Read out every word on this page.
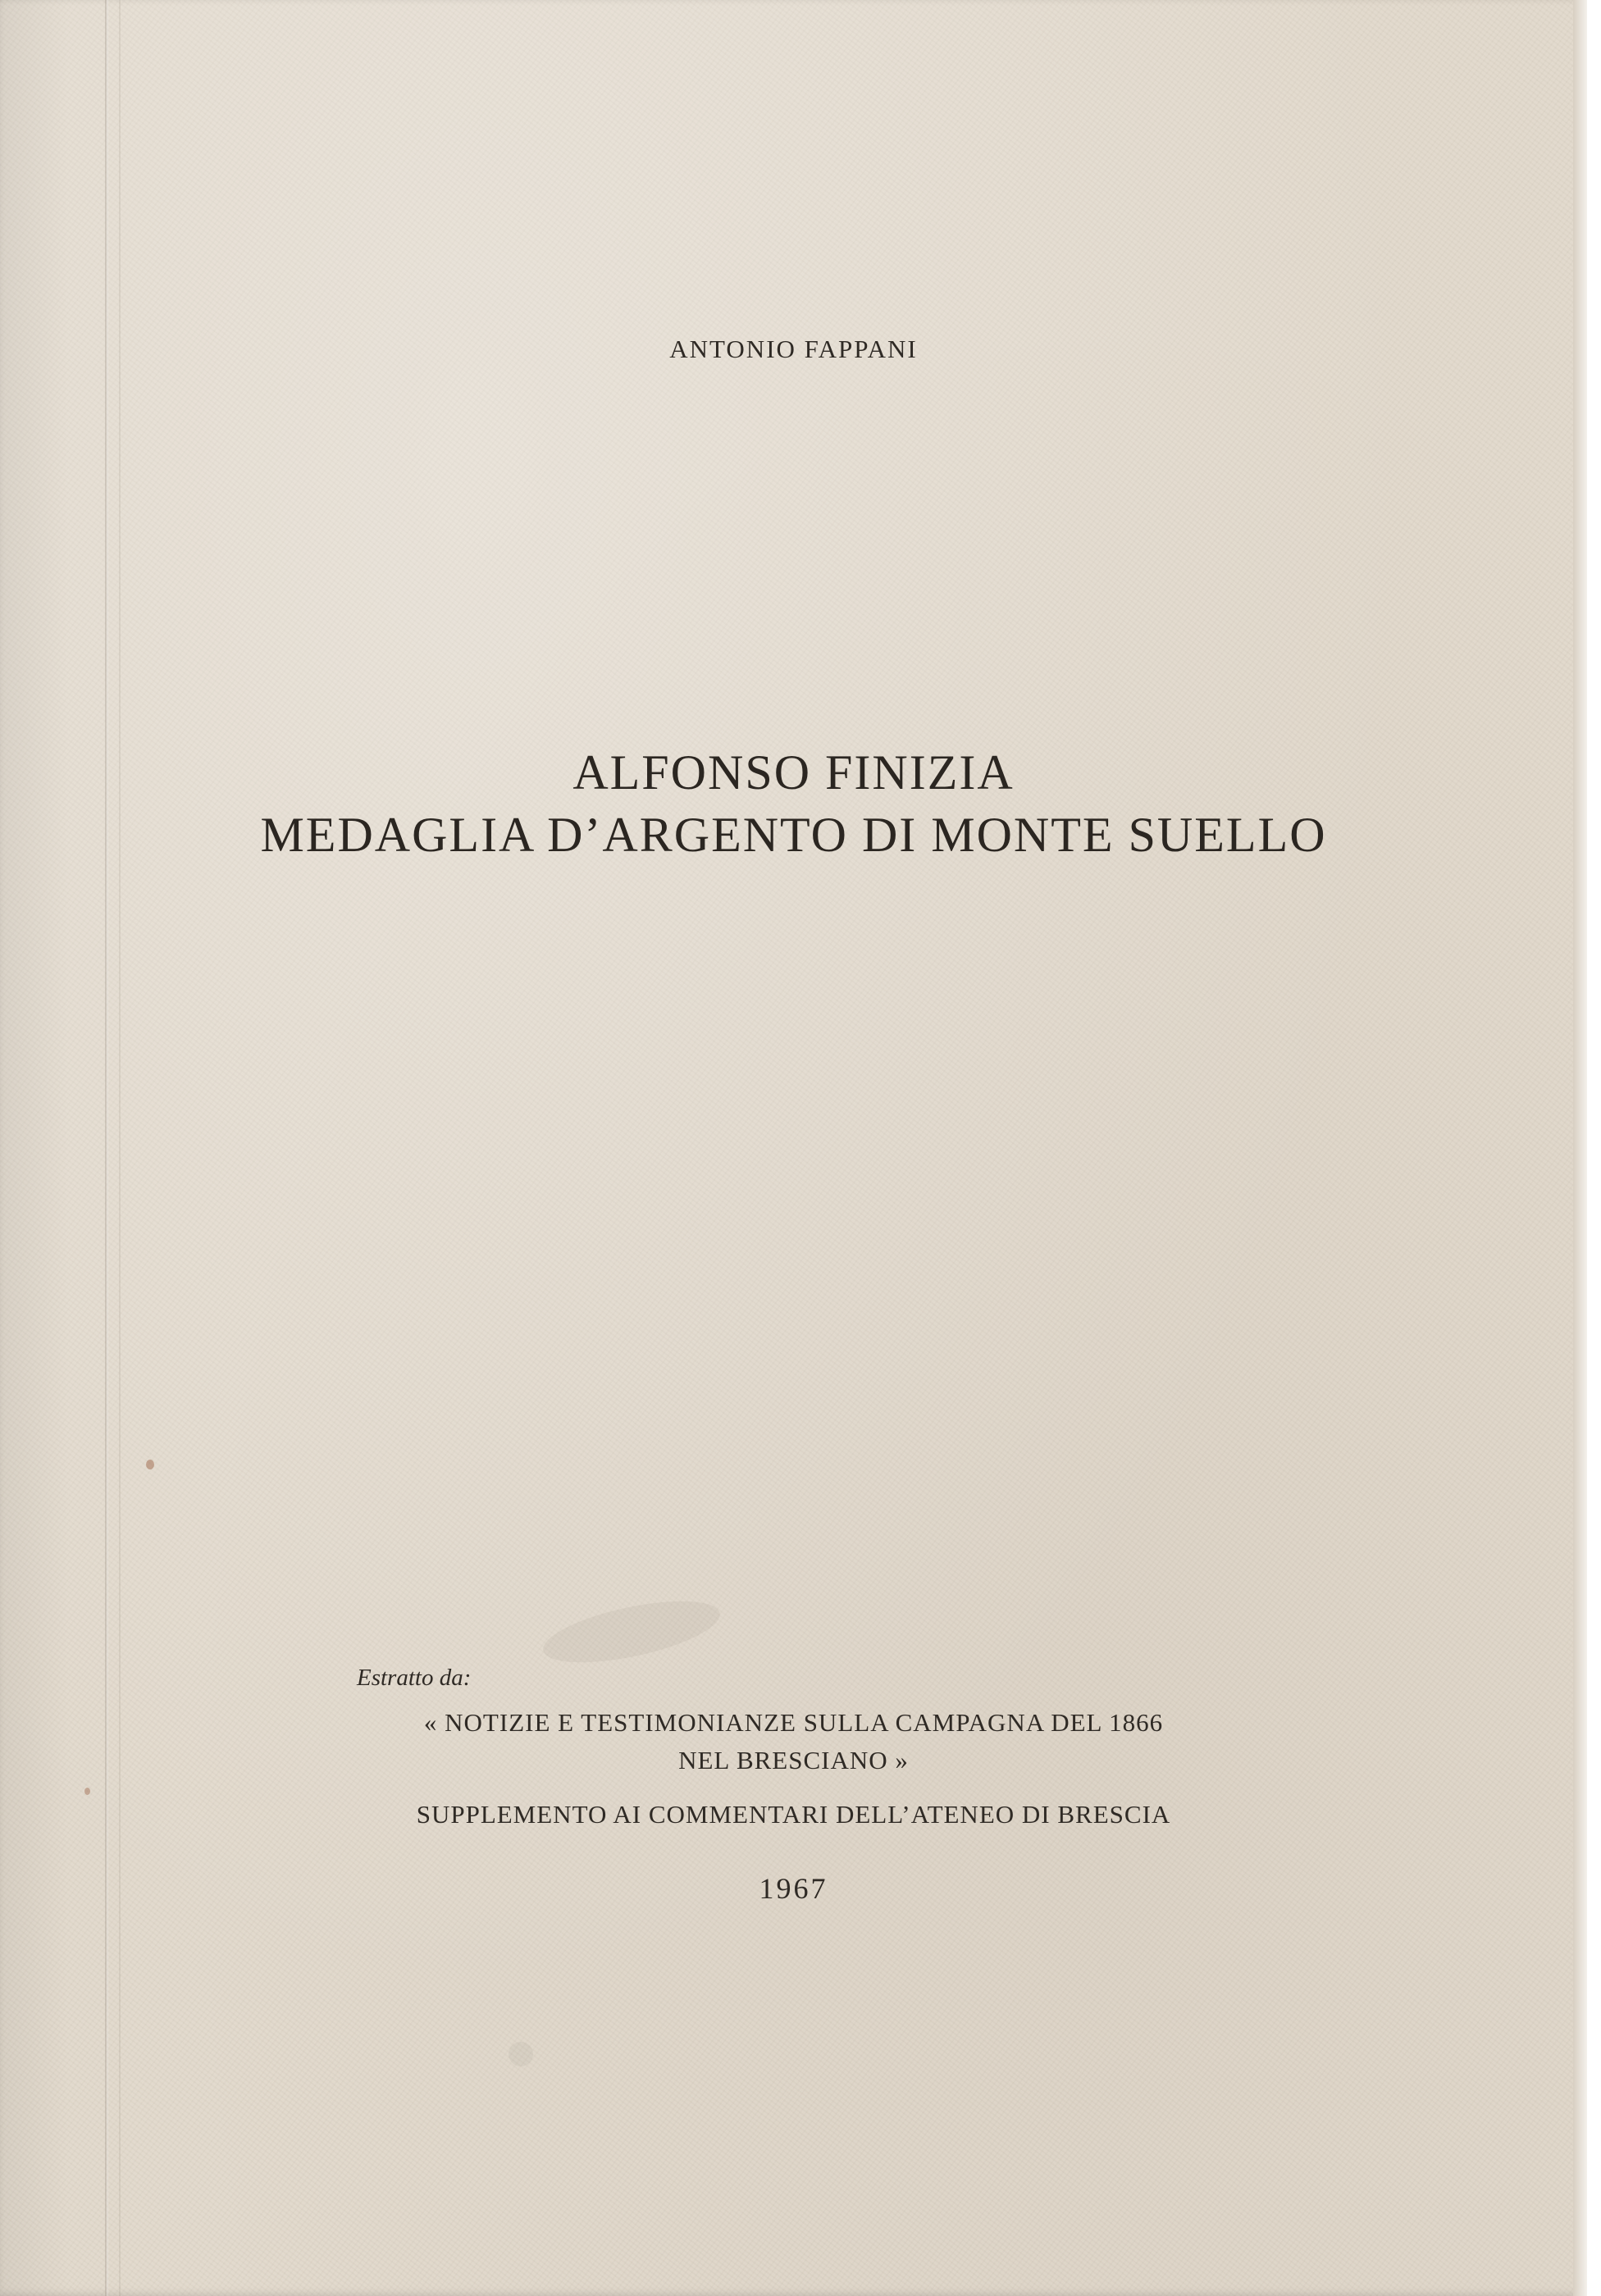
ANTONIO FAPPANI
ALFONSO FINIZIA
MEDAGLIA D’ARGENTO DI MONTE SUELLO
Estratto da:
« NOTIZIE E TESTIMONIANZE SULLA CAMPAGNA DEL 1866
NEL BRESCIANO »
SUPPLEMENTO AI COMMENTARI DELL’ATENEO DI BRESCIA
1967
